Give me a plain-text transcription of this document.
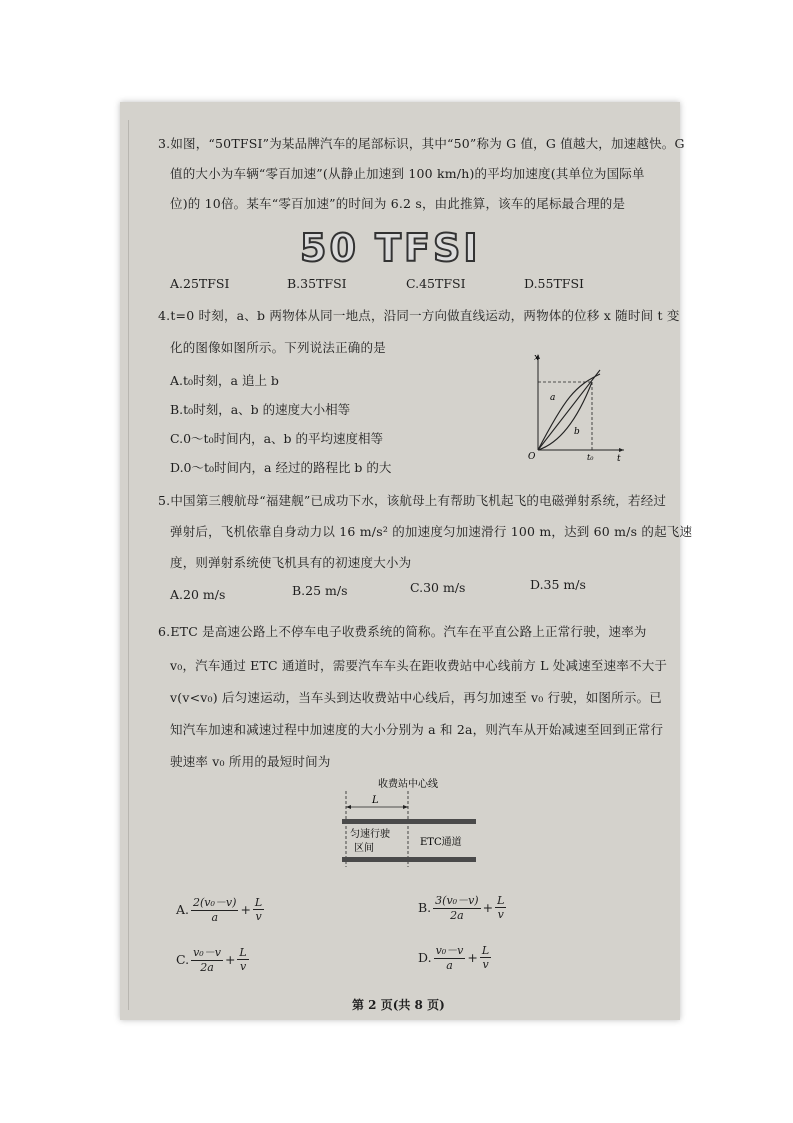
3.如图，“50TFSI”为某品牌汽车的尾部标识，其中“50”称为 G 值，G 值越大，加速越快。G
值的大小为车辆“零百加速”(从静止加速到 100 km/h)的平均加速度(其单位为国际单
位)的 10倍。某车“零百加速”的时间为 6.2 s，由此推算，该车的尾标最合理的是
50 TFSI
A.25TFSI	B.35TFSI	C.45TFSI	D.55TFSI
4.t=0 时刻，a、b 两物体从同一地点，沿同一方向做直线运动，两物体的位移 x 随时间 t 变
化的图像如图所示。下列说法正确的是
A.t₀时刻，a 追上 b
B.t₀时刻，a、b 的速度大小相等
C.0～t₀时间内，a、b 的平均速度相等
D.0～t₀时间内，a 经过的路程比 b 的大
x
t
O	t₀
a
b
5.中国第三艘航母“福建舰”已成功下水，该航母上有帮助飞机起飞的电磁弹射系统，若经过
弹射后，飞机依靠自身动力以 16 m/s² 的加速度匀加速滑行 100 m，达到 60 m/s 的起飞速
度，则弹射系统使飞机具有的初速度大小为
A.20 m/s	B.25 m/s	C.30 m/s	D.35 m/s
6.ETC 是高速公路上不停车电子收费系统的简称。汽车在平直公路上正常行驶，速率为
v₀，汽车通过 ETC 通道时，需要汽车车头在距收费站中心线前方 L 处减速至速率不大于
v(v<v₀) 后匀速运动，当车头到达收费站中心线后，再匀加速至 v₀ 行驶，如图所示。已
知汽车加速和减速过程中加速度的大小分别为 a 和 2a，则汽车从开始减速至回到正常行
驶速率 v₀ 所用的最短时间为
收费站中心线
L
匀速行驶
区间
ETC通道
A. $\frac{\text{2(v₀－v)}}{a} + \frac{L}{v}$	B. $\frac{\text{3(v₀－v)}}{2a} + \frac{L}{v}$
C. $\frac{\text{v₀－v}}{2a} + \frac{L}{v}$	D. $\frac{\text{v₀－v}}{a} + \frac{L}{v}$
第 2 页(共 8 页)
